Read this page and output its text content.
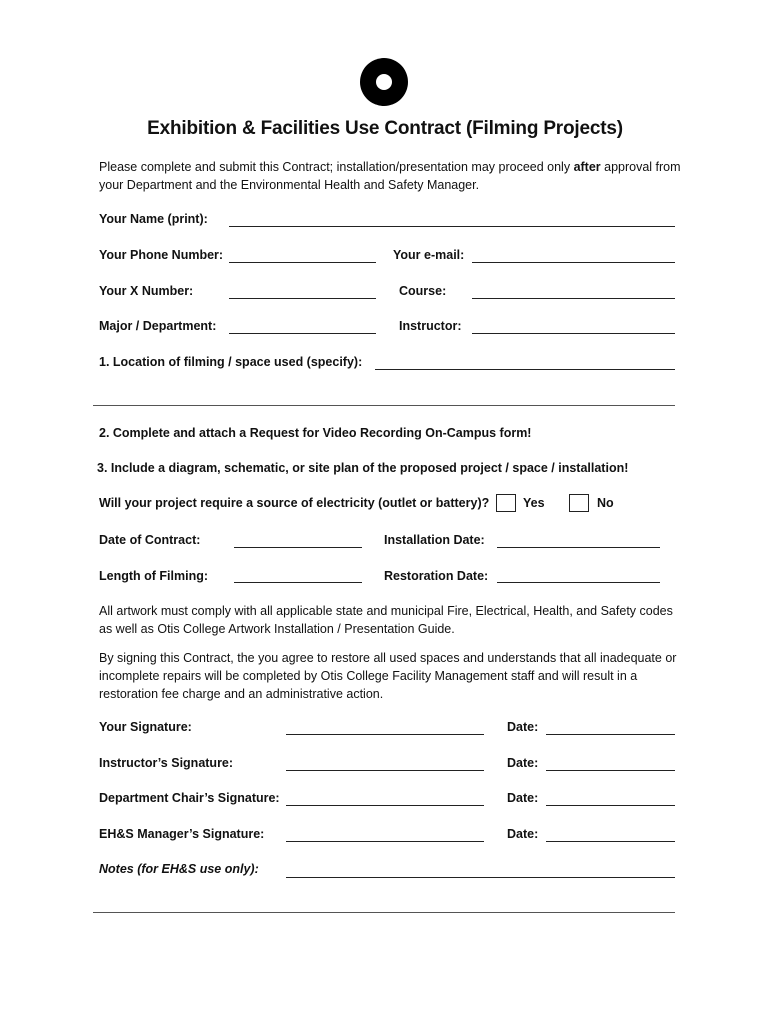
Exhibition & Facilities Use Contract (Filming Projects)
Please complete and submit this Contract; installation/presentation may proceed only after approval from your Department and the Environmental Health and Safety Manager.
Your Name (print):
Your Phone Number:	Your e-mail:
Your X Number:	Course:
Major / Department:	Instructor:
1. Location of filming / space used (specify):
2. Complete and attach a Request for Video Recording On-Campus form!
3. Include a diagram, schematic, or site plan of the proposed project / space / installation!
Will your project require a source of electricity (outlet or battery)?	Yes	No
Date of Contract:	Installation Date:
Length of Filming:	Restoration Date:
All artwork must comply with all applicable state and municipal Fire, Electrical, Health, and Safety codes as well as Otis College Artwork Installation / Presentation Guide.
By signing this Contract, the you agree to restore all used spaces and understands that all inadequate or incomplete repairs will be completed by Otis College Facility Management staff and will result in a restoration fee charge and an administrative action.
Your Signature:	Date:
Instructor’s Signature:	Date:
Department Chair’s Signature:	Date:
EH&S Manager’s Signature:	Date:
Notes (for EH&S use only):
